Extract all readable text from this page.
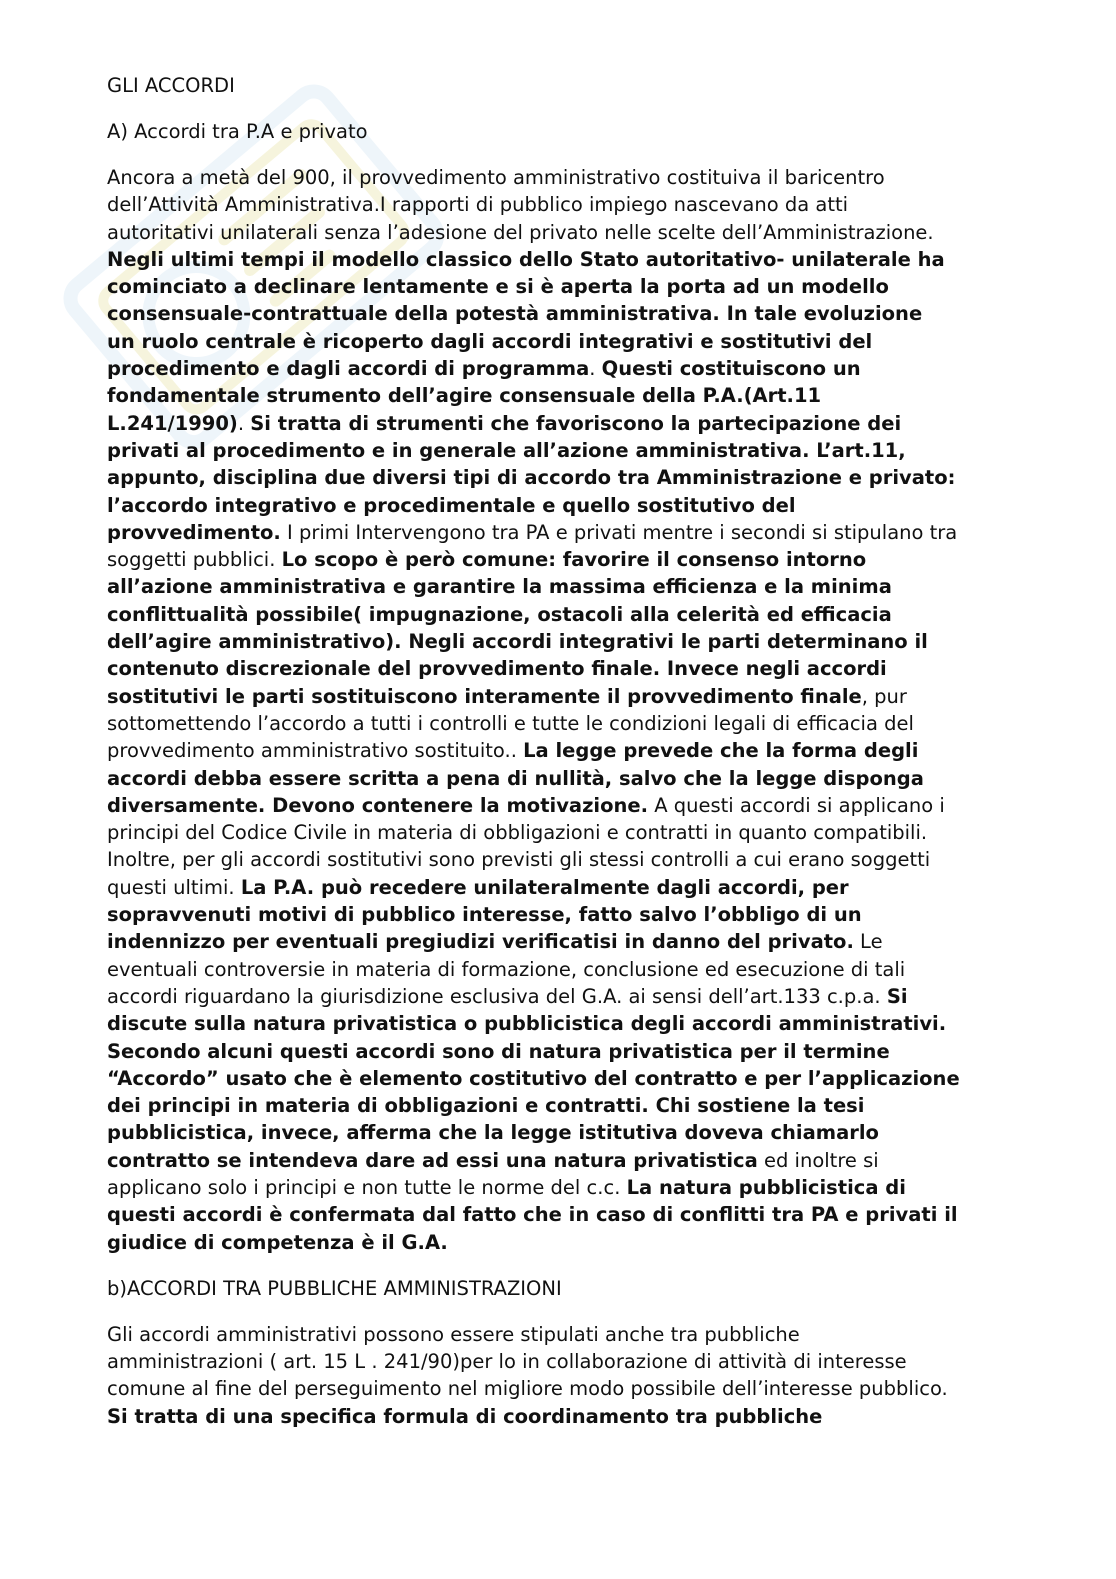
GLI ACCORDI
A) Accordi tra P.A e privato
Ancora a metà del 900, il provvedimento amministrativo costituiva il baricentro
dell’Attività Amministrativa.I rapporti di pubblico impiego nascevano da atti
autoritativi unilaterali senza l’adesione del privato nelle scelte dell’Amministrazione.
Negli ultimi tempi il modello classico dello Stato autoritativo- unilaterale ha
cominciato a declinare lentamente e si è aperta la porta ad un modello
consensuale-contrattuale della potestà amministrativa. In tale evoluzione
un ruolo centrale è ricoperto dagli accordi integrativi e sostitutivi del
procedimento e dagli accordi di programma. Questi costituiscono un
fondamentale strumento dell’agire consensuale della P.A.(Art.11
L.241/1990). Si tratta di strumenti che favoriscono la partecipazione dei
privati al procedimento e in generale all’azione amministrativa. L’art.11,
appunto, disciplina due diversi tipi di accordo tra Amministrazione e privato:
l’accordo integrativo e procedimentale e quello sostitutivo del
provvedimento. I primi Intervengono tra PA e privati mentre i secondi si stipulano tra
soggetti pubblici. Lo scopo è però comune: favorire il consenso intorno
all’azione amministrativa e garantire la massima efficienza e la minima
conflittualità possibile( impugnazione, ostacoli alla celerità ed efficacia
dell’agire amministrativo). Negli accordi integrativi le parti determinano il
contenuto discrezionale del provvedimento finale. Invece negli accordi
sostitutivi le parti sostituiscono interamente il provvedimento finale, pur
sottomettendo l’accordo a tutti i controlli e tutte le condizioni legali di efficacia del
provvedimento amministrativo sostituito.. La legge prevede che la forma degli
accordi debba essere scritta a pena di nullità, salvo che la legge disponga
diversamente. Devono contenere la motivazione. A questi accordi si applicano i
principi del Codice Civile in materia di obbligazioni e contratti in quanto compatibili.
Inoltre, per gli accordi sostitutivi sono previsti gli stessi controlli a cui erano soggetti
questi ultimi. La P.A. può recedere unilateralmente dagli accordi, per
sopravvenuti motivi di pubblico interesse, fatto salvo l’obbligo di un
indennizzo per eventuali pregiudizi verificatisi in danno del privato. Le
eventuali controversie in materia di formazione, conclusione ed esecuzione di tali
accordi riguardano la giurisdizione esclusiva del G.A. ai sensi dell’art.133 c.p.a. Si
discute sulla natura privatistica o pubblicistica degli accordi amministrativi.
Secondo alcuni questi accordi sono di natura privatistica per il termine
“Accordo” usato che è elemento costitutivo del contratto e per l’applicazione
dei principi in materia di obbligazioni e contratti. Chi sostiene la tesi
pubblicistica, invece, afferma che la legge istitutiva doveva chiamarlo
contratto se intendeva dare ad essi una natura privatistica ed inoltre si
applicano solo i principi e non tutte le norme del c.c. La natura pubblicistica di
questi accordi è confermata dal fatto che in caso di conflitti tra PA e privati il
giudice di competenza è il G.A.
b)ACCORDI TRA PUBBLICHE AMMINISTRAZIONI
Gli accordi amministrativi possono essere stipulati anche tra pubbliche
amministrazioni ( art. 15 L . 241/90)per lo in collaborazione di attività di interesse
comune al fine del perseguimento nel migliore modo possibile dell’interesse pubblico.
Si tratta di una specifica formula di coordinamento tra pubbliche
